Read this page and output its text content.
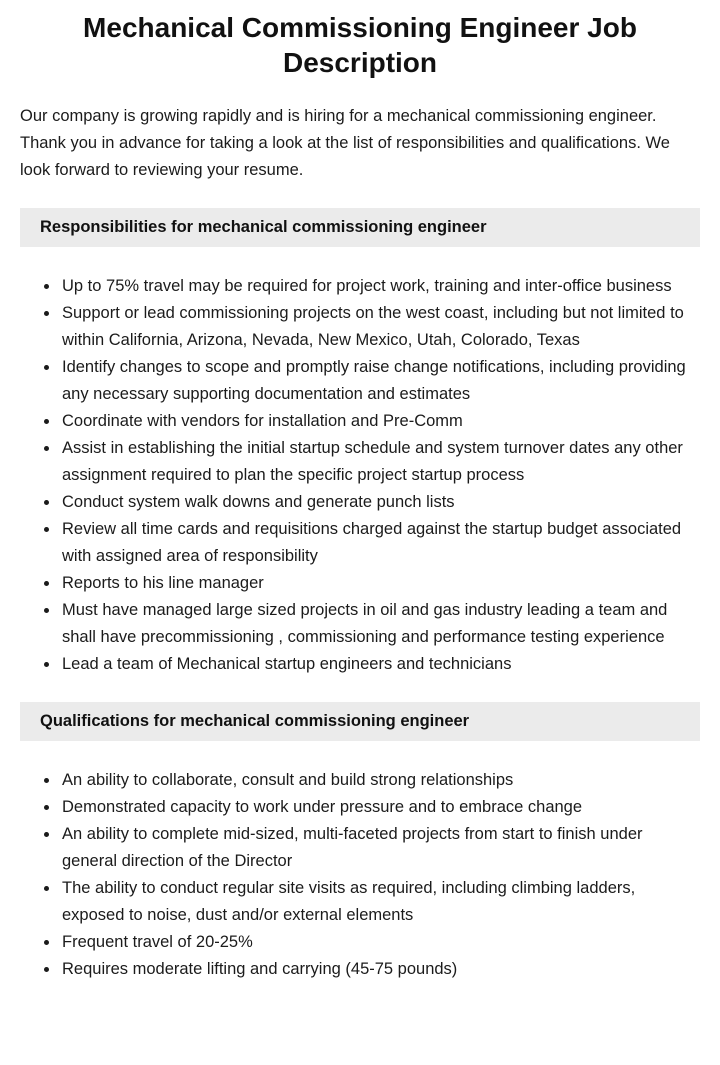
Mechanical Commissioning Engineer Job Description

Our company is growing rapidly and is hiring for a mechanical commissioning engineer. Thank you in advance for taking a look at the list of responsibilities and qualifications. We look forward to reviewing your resume.

Responsibilities for mechanical commissioning engineer
• Up to 75% travel may be required for project work, training and inter-office business
• Support or lead commissioning projects on the west coast, including but not limited to within California, Arizona, Nevada, New Mexico, Utah, Colorado, Texas
• Identify changes to scope and promptly raise change notifications, including providing any necessary supporting documentation and estimates
• Coordinate with vendors for installation and Pre-Comm
• Assist in establishing the initial startup schedule and system turnover dates any other assignment required to plan the specific project startup process
• Conduct system walk downs and generate punch lists
• Review all time cards and requisitions charged against the startup budget associated with assigned area of responsibility
• Reports to his line manager
• Must have managed large sized projects in oil and gas industry leading a team and shall have precommissioning , commissioning and performance testing experience
• Lead a team of Mechanical startup engineers and technicians
Qualifications for mechanical commissioning engineer
• An ability to collaborate, consult and build strong relationships
• Demonstrated capacity to work under pressure and to embrace change
• An ability to complete mid-sized, multi-faceted projects from start to finish under general direction of the Director
• The ability to conduct regular site visits as required, including climbing ladders, exposed to noise, dust and/or external elements
• Frequent travel of 20-25%
• Requires moderate lifting and carrying (45-75 pounds)
